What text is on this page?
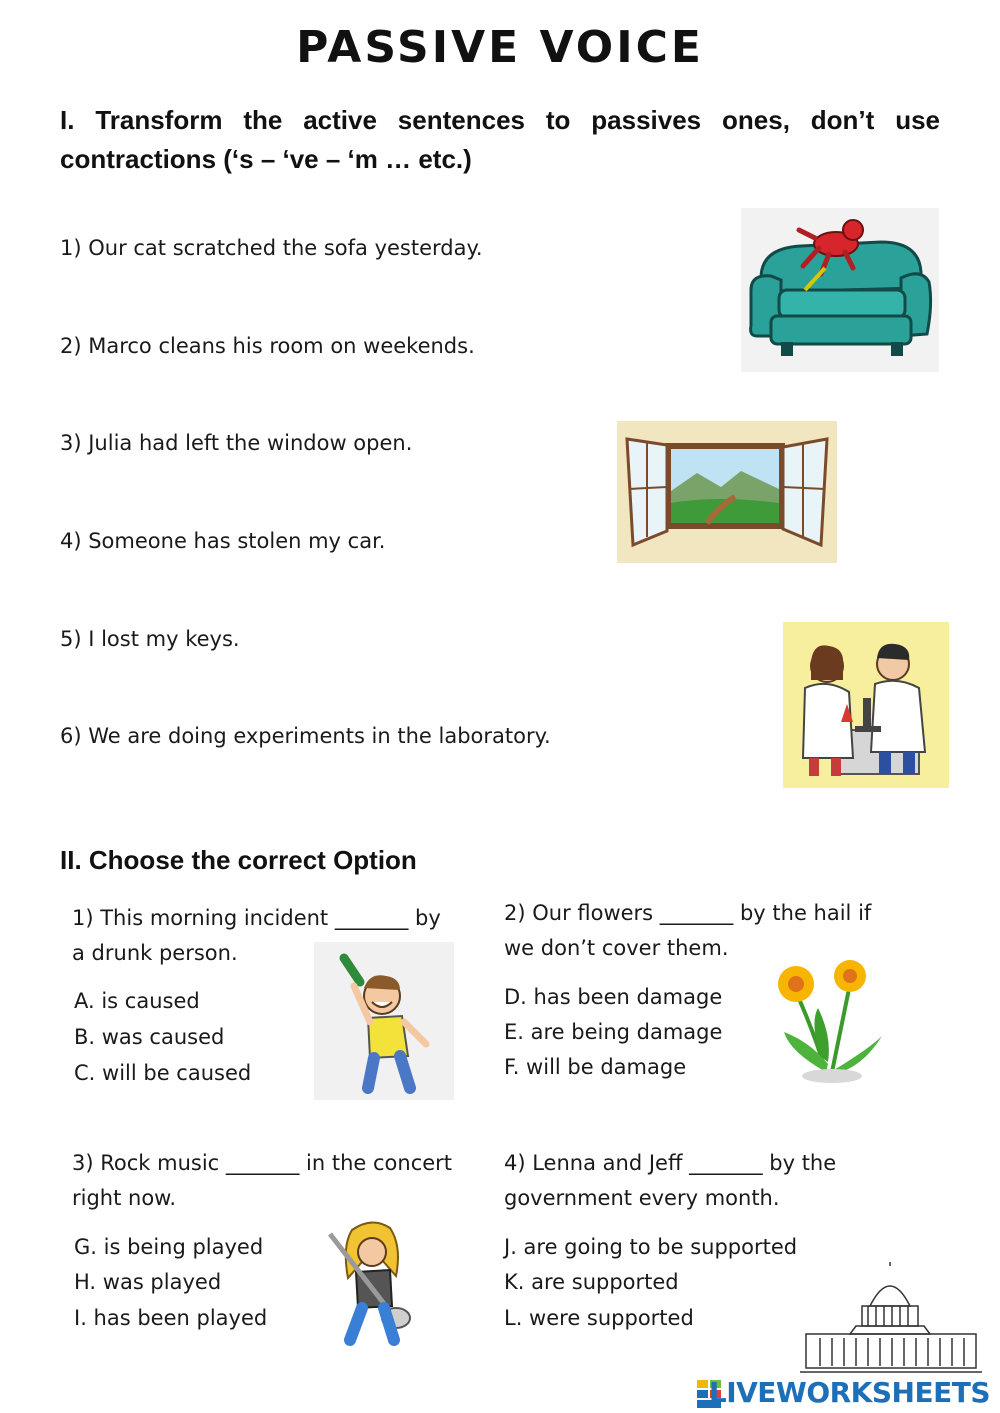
PASSIVE VOICE
I. Transform the active sentences to passives ones, don’t use contractions (‘s – ‘ve – ‘m … etc.)
1) Our cat scratched the sofa yesterday.
2) Marco cleans his room on weekends.
3) Julia had left the window open.
4) Someone has stolen my car.
5) I lost my keys.
6) We are doing experiments in the laboratory.
II. Choose the correct Option
1) This morning incident _______ by
a drunk person.
A. is caused
B. was caused
C. will be caused
2) Our flowers _______ by the hail if
we don’t cover them.
D. has been damage
E. are being damage
F. will be damage
3) Rock music _______ in the concert
right now.
G. is being played
H. was played
I. has been played
4) Lenna and Jeff _______ by the
government every month.
J. are going to be supported
K. are supported
L. were supported
LIVEWORKSHEETS
